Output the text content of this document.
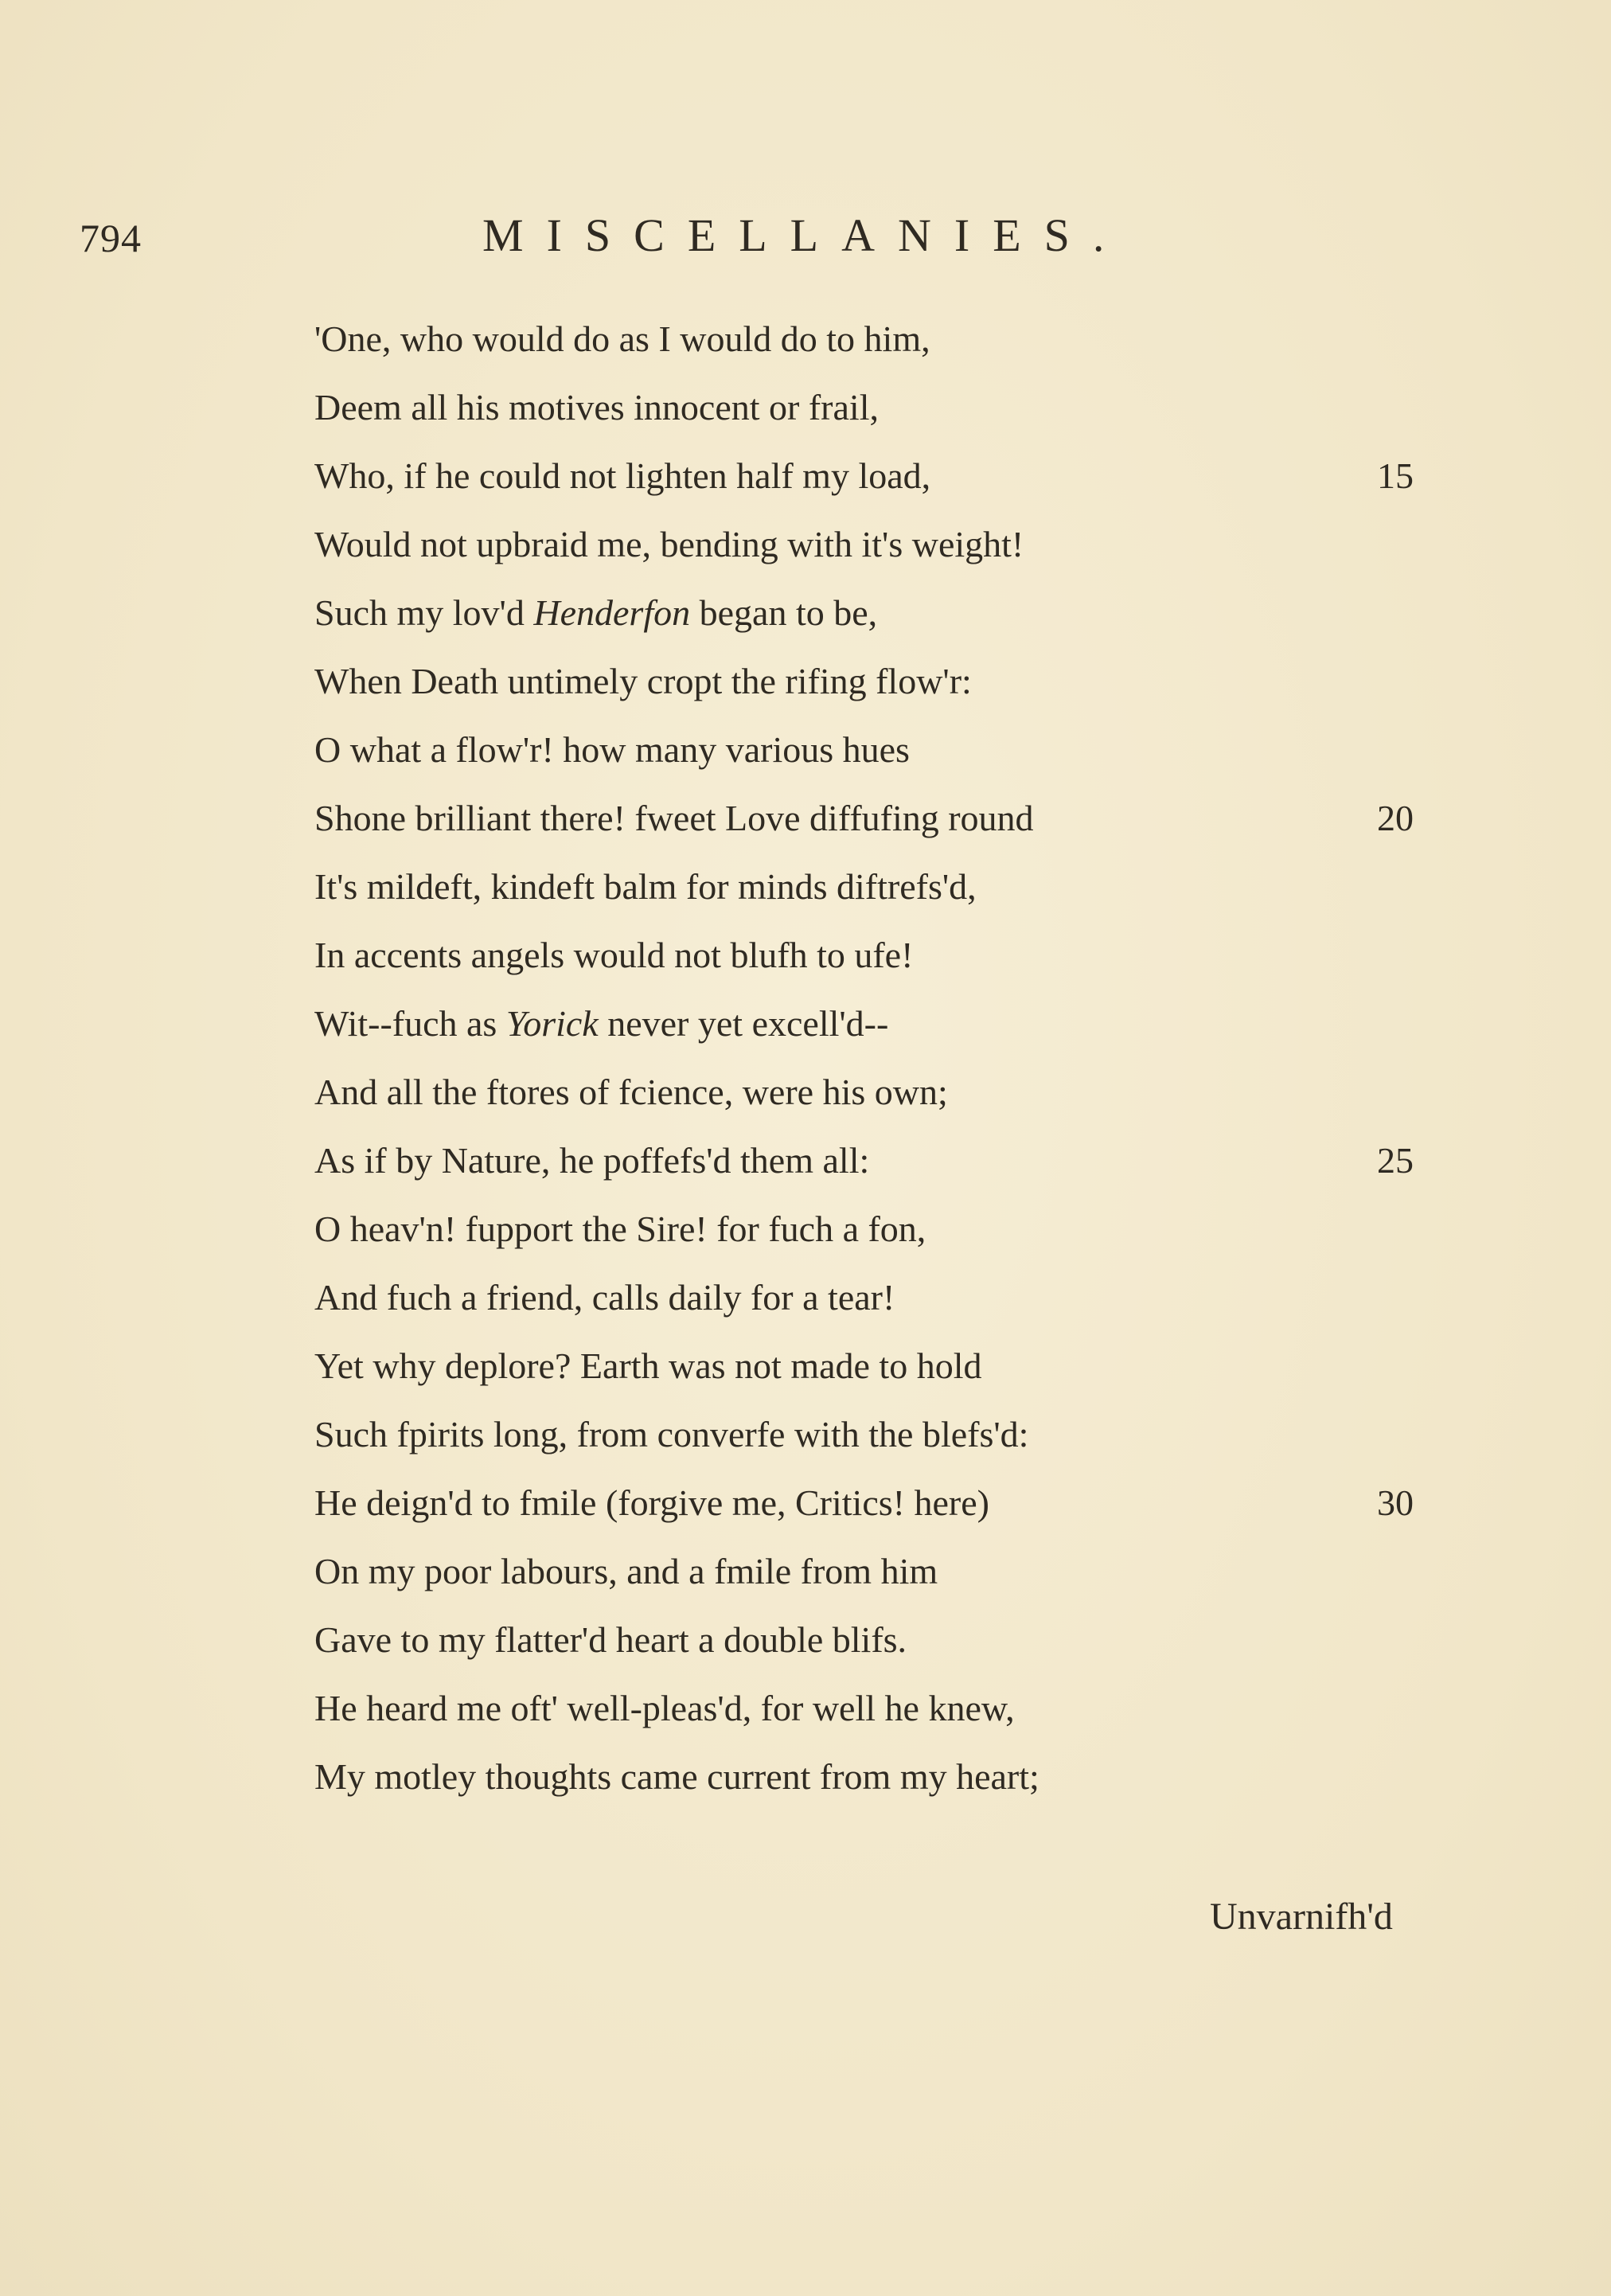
794	MISCELLANIES.
'One, who would do as I would do to him,
Deem all his motives innocent or frail,
Who, if he could not lighten half my load,	15
Would not upbraid me, bending with it's weight!
Such my lov'd Henderfon began to be,
When Death untimely cropt the rifing flow'r:
O what a flow'r! how many various hues
Shone brilliant there! fweet Love diffufing round	20
It's mildeft, kindeft balm for minds diftrefs'd,
In accents angels would not blufh to ufe!
Wit--fuch as Yorick never yet excell'd--
And all the ftores of fcience, were his own;
As if by Nature, he poffefs'd them all:	25
O heav'n! fupport the Sire! for fuch a fon,
And fuch a friend, calls daily for a tear!
Yet why deplore? Earth was not made to hold
Such fpirits long, from converfe with the blefs'd:
He deign'd to fmile (forgive me, Critics! here)	30
On my poor labours, and a fmile from him
Gave to my flatter'd heart a double blifs.
He heard me oft' well-pleas'd, for well he knew,
My motley thoughts came current from my heart;
Unvarnifh'd
